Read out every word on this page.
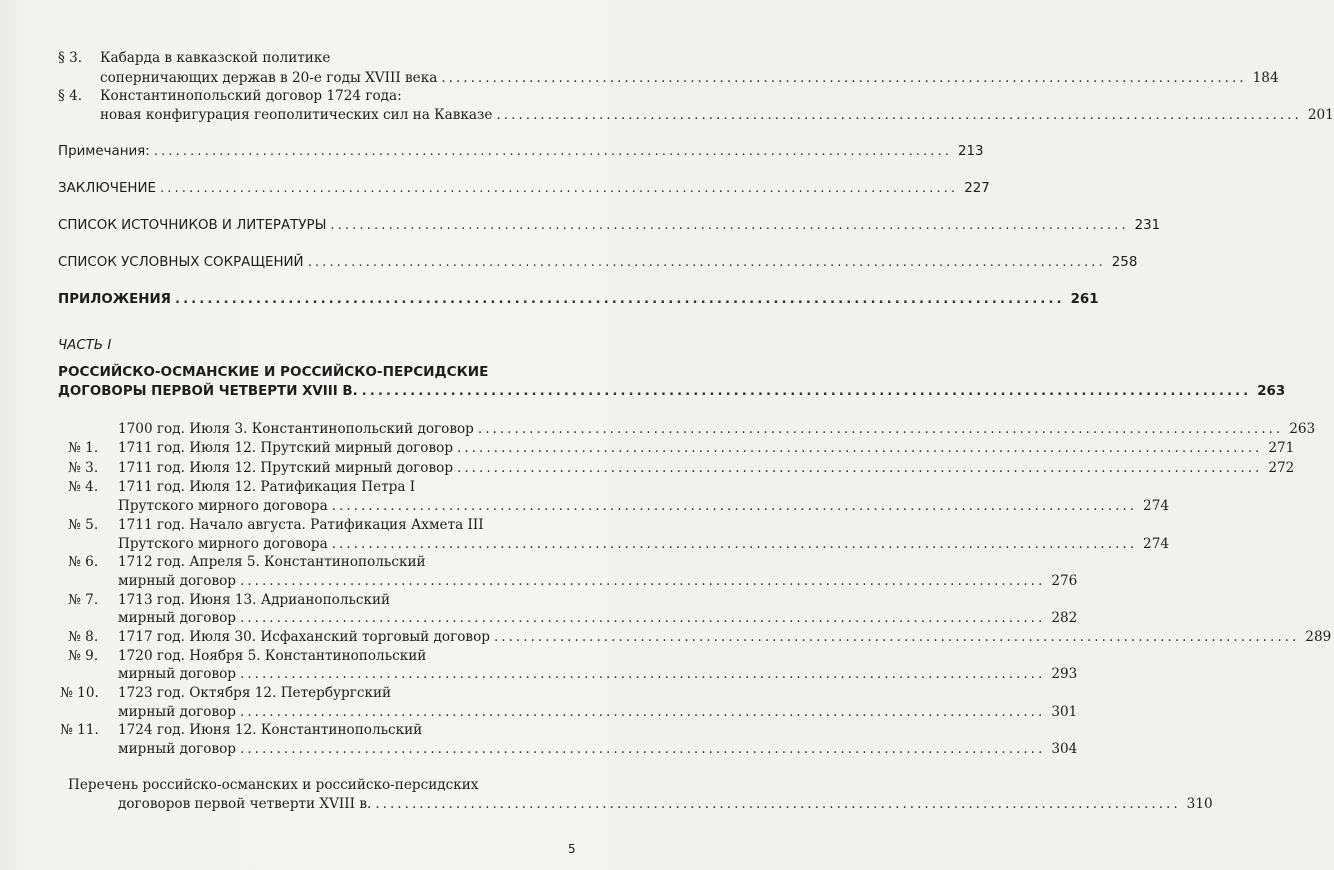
§ 3. Кабарда в кавказской политике
соперничающих держав в 20-е годы XVIII века .............................................................................................................. 184
§ 4. Константинопольский договор 1724 года:
новая конфигурация геополитических сил на Кавказе .............................................................................................................. 201
Примечания: .............................................................................................................. 213
ЗАКЛЮЧЕНИЕ .............................................................................................................. 227
СПИСОК ИСТОЧНИКОВ И ЛИТЕРАТУРЫ .............................................................................................................. 231
СПИСОК УСЛОВНЫХ СОКРАЩЕНИЙ .............................................................................................................. 258
ПРИЛОЖЕНИЯ .............................................................................................................. 261
ЧАСТЬ I
РОССИЙСКО-ОСМАНСКИЕ И РОССИЙСКО-ПЕРСИДСКИЕ
ДОГОВОРЫ ПЕРВОЙ ЧЕТВЕРТИ XVIII В. .............................................................................................................. 263
1700 год. Июля 3. Константинопольский договор .............................................................................................................. 263
№ 1. 1711 год. Июля 12. Прутский мирный договор .............................................................................................................. 271
№ 3. 1711 год. Июля 12. Прутский мирный договор .............................................................................................................. 272
№ 4. 1711 год. Июля 12. Ратификация Петра I
Прутского мирного договора .............................................................................................................. 274
№ 5. 1711 год. Начало августа. Ратификация Ахмета III
Прутского мирного договора .............................................................................................................. 274
№ 6. 1712 год. Апреля 5. Константинопольский
мирный договор .............................................................................................................. 276
№ 7. 1713 год. Июня 13. Адрианопольский
мирный договор .............................................................................................................. 282
№ 8. 1717 год. Июля 30. Исфаханский торговый договор .............................................................................................................. 289
№ 9. 1720 год. Ноября 5. Константинопольский
мирный договор .............................................................................................................. 293
№ 10. 1723 год. Октября 12. Петербургский
мирный договор .............................................................................................................. 301
№ 11. 1724 год. Июня 12. Константинопольский
мирный договор .............................................................................................................. 304
Перечень российско-османских и российско-персидских
договоров первой четверти XVIII в. .............................................................................................................. 310
5
